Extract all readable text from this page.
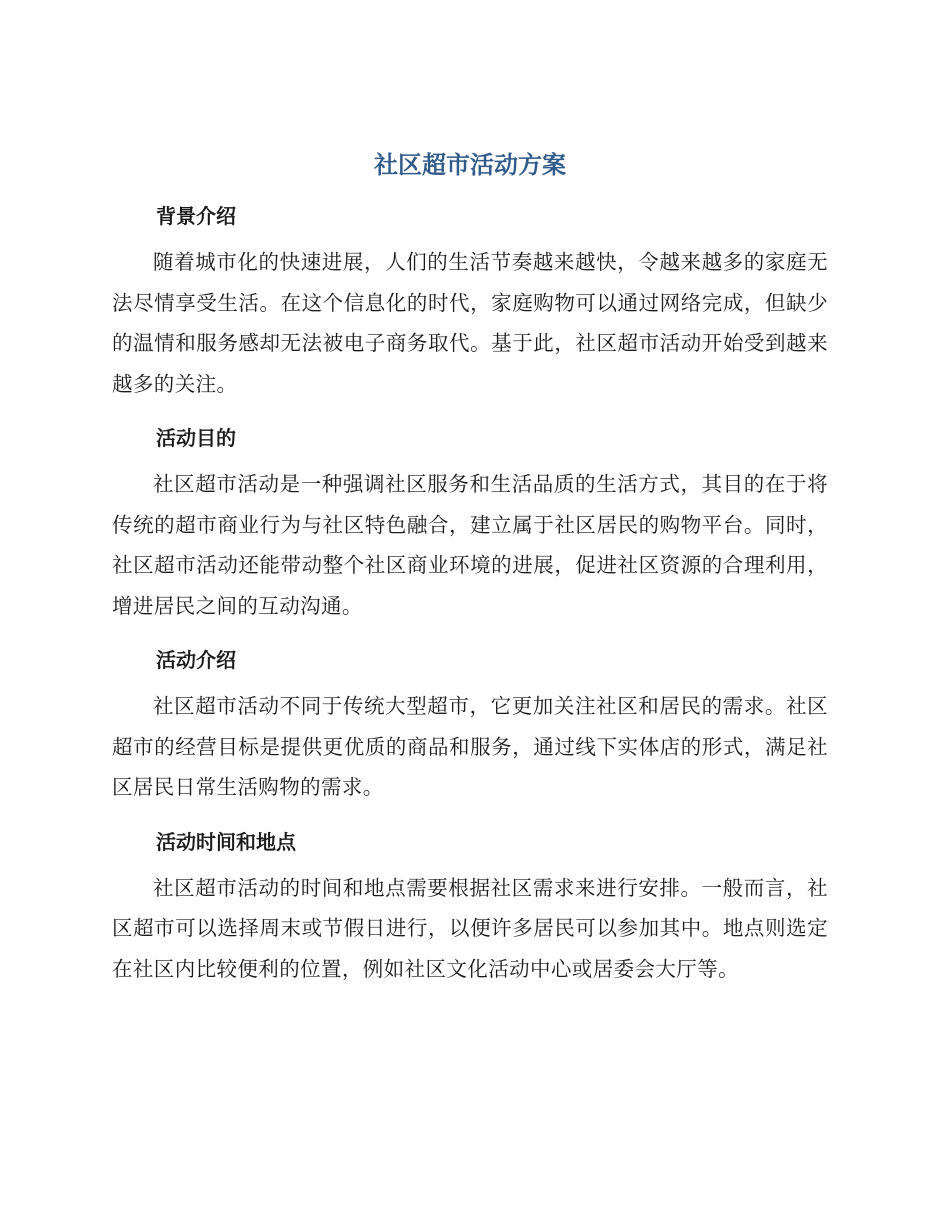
社区超市活动方案
背景介绍

随着城市化的快速进展，人们的生活节奏越来越快，令越来越多的家庭无法尽情享受生活。在这个信息化的时代，家庭购物可以通过网络完成，但缺少的温情和服务感却无法被电子商务取代。基于此，社区超市活动开始受到越来越多的关注。

活动目的

社区超市活动是一种强调社区服务和生活品质的生活方式，其目的在于将传统的超市商业行为与社区特色融合，建立属于社区居民的购物平台。同时，社区超市活动还能带动整个社区商业环境的进展，促进社区资源的合理利用，增进居民之间的互动沟通。

活动介绍

社区超市活动不同于传统大型超市，它更加关注社区和居民的需求。社区超市的经营目标是提供更优质的商品和服务，通过线下实体店的形式，满足社区居民日常生活购物的需求。

活动时间和地点

社区超市活动的时间和地点需要根据社区需求来进行安排。一般而言，社区超市可以选择周末或节假日进行，以便许多居民可以参加其中。地点则选定在社区内比较便利的位置，例如社区文化活动中心或居委会大厅等。
